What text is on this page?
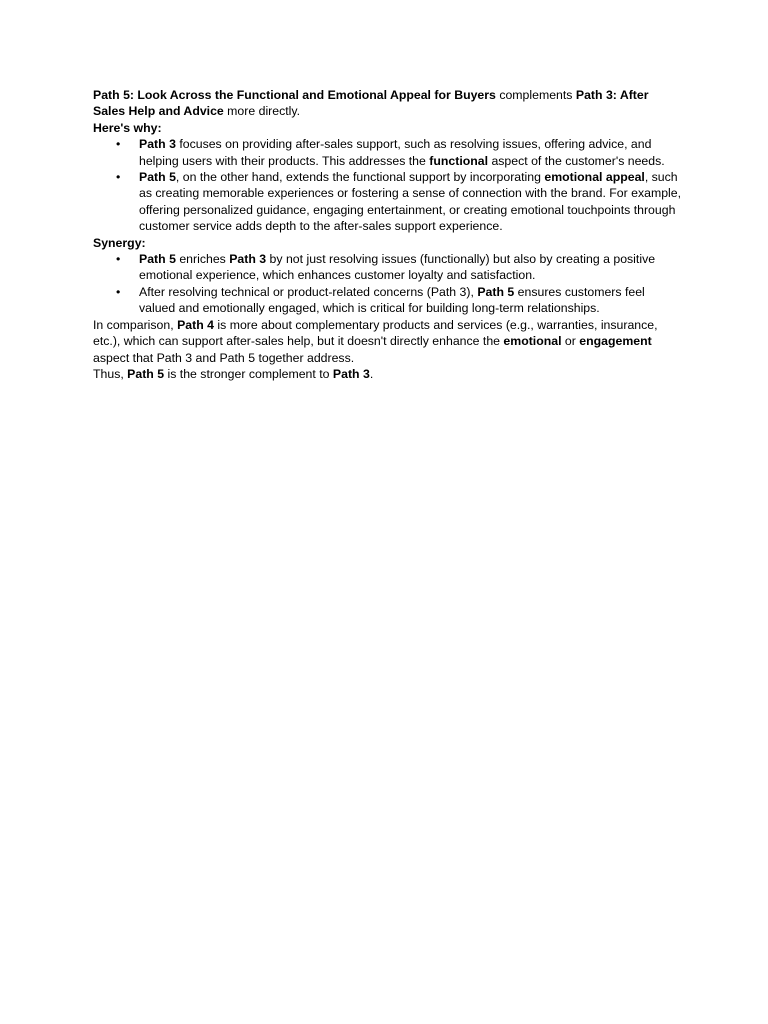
Path 5: Look Across the Functional and Emotional Appeal for Buyers complements Path 3: After Sales Help and Advice more directly.

Here's why:

• Path 3 focuses on providing after-sales support, such as resolving issues, offering advice, and helping users with their products. This addresses the functional aspect of the customer's needs.
• Path 5, on the other hand, extends the functional support by incorporating emotional appeal, such as creating memorable experiences or fostering a sense of connection with the brand. For example, offering personalized guidance, engaging entertainment, or creating emotional touchpoints through customer service adds depth to the after-sales support experience.

Synergy:

• Path 5 enriches Path 3 by not just resolving issues (functionally) but also by creating a positive emotional experience, which enhances customer loyalty and satisfaction.
• After resolving technical or product-related concerns (Path 3), Path 5 ensures customers feel valued and emotionally engaged, which is critical for building long-term relationships.

In comparison, Path 4 is more about complementary products and services (e.g., warranties, insurance, etc.), which can support after-sales help, but it doesn't directly enhance the emotional or engagement aspect that Path 3 and Path 5 together address.

Thus, Path 5 is the stronger complement to Path 3.
